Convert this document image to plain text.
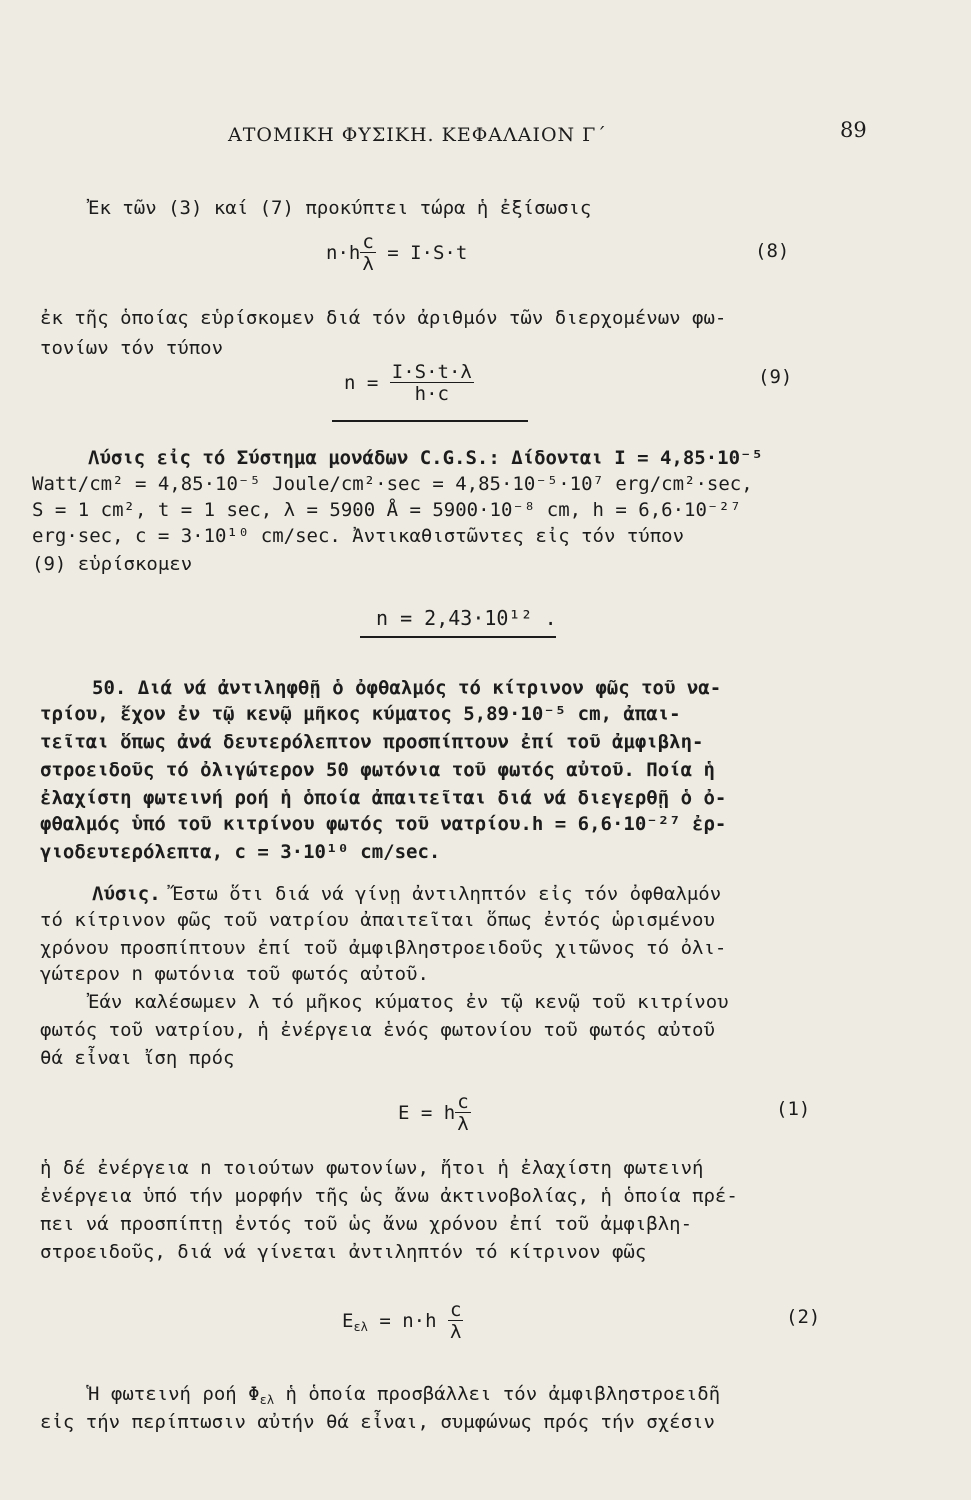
ΑΤΟΜΙΚΗ ΦΥΣΙΚΗ. ΚΕΦΑΛΑΙΟΝ Γ΄	89
Ἐκ τῶν (3) καί (7) προκύπτει τώρα ἡ ἐξίσωσις
$n\cdot h \frac{c}{\lambda} = I\cdot S\cdot t$	(8)
ἐκ τῆς ὁποίας εὑρίσκομεν διά τόν ἀριθμόν τῶν διερχομένων φω-
τονίων τόν τύπον
$n = \frac{I\cdot S\cdot t\cdot\lambda}{h\cdot c}$	(9)
Λύσις εἰς τό Σύστημα μονάδων C.G.S.: Δίδονται I = 4,85·10⁻⁵
Watt/cm² = 4,85·10⁻⁵ Joule/cm²·sec = 4,85·10⁻⁵·10⁷ erg/cm²·sec,
S = 1 cm², t = 1 sec, λ = 5900 Å = 5900·10⁻⁸ cm, h = 6,6·10⁻²⁷
erg·sec, c = 3·10¹⁰ cm/sec. Ἀντικαθιστῶντες εἰς τόν τύπον
(9) εὑρίσκομεν
n = 2,43·10¹² .
50. Διά νά ἀντιληφθῇ ὁ ὀφθαλμός τό κίτρινον φῶς τοῦ να-
τρίου, ἔχον ἐν τῷ κενῷ μῆκος κύματος 5,89·10⁻⁵ cm, ἀπαι-
τεῖται ὅπως ἀνά δευτερόλεπτον προσπίπτουν ἐπί τοῦ ἀμφιβλη-
στροειδοῦς τό ὀλιγώτερον 50 φωτόνια τοῦ φωτός αὐτοῦ. Ποία ἡ
ἐλαχίστη φωτεινή ροή ἡ ὁποία ἀπαιτεῖται διά νά διεγερθῇ ὁ ὀ-
φθαλμός ὑπό τοῦ κιτρίνου φωτός τοῦ νατρίου.h = 6,6·10⁻²⁷ ἐρ-
γιοδευτερόλεπτα, c = 3·10¹⁰ cm/sec.
Λύσις. Ἔστω ὅτι διά νά γίνῃ ἀντιληπτόν εἰς τόν ὀφθαλμόν
τό κίτρινον φῶς τοῦ νατρίου ἀπαιτεῖται ὅπως ἐντός ὡρισμένου
χρόνου προσπίπτουν ἐπί τοῦ ἀμφιβληστροειδοῦς χιτῶνος τό ὀλι-
γώτερον n φωτόνια τοῦ φωτός αὐτοῦ.
Ἐάν καλέσωμεν λ τό μῆκος κύματος ἐν τῷ κενῷ τοῦ κιτρίνου
φωτός τοῦ νατρίου, ἡ ἐνέργεια ἑνός φωτονίου τοῦ φωτός αὐτοῦ
θά εἶναι ἴση πρός
E = h $\frac{c}{\lambda}$	(1)
ἡ δέ ἐνέργεια n τοιούτων φωτονίων, ἤτοι ἡ ἐλαχίστη φωτεινή
ἐνέργεια ὑπό τήν μορφήν τῆς ὡς ἄνω ἀκτινοβολίας, ἡ ὁποία πρέ-
πει νά προσπίπτῃ ἐντός τοῦ ὡς ἄνω χρόνου ἐπί τοῦ ἀμφιβλη-
στροειδοῦς, διά νά γίνεται ἀντιληπτόν τό κίτρινον φῶς
$E_{\varepsilon\lambda} = n\cdot h \frac{c}{\lambda}$	(2)
Ἡ φωτεινή ροή $\Phi_{\varepsilon\lambda}$ ἡ ὁποία προσβάλλει τόν ἀμφιβληστροειδῆ
εἰς τήν περίπτωσιν αὐτήν θά εἶναι, συμφώνως πρός τήν σχέσιν
